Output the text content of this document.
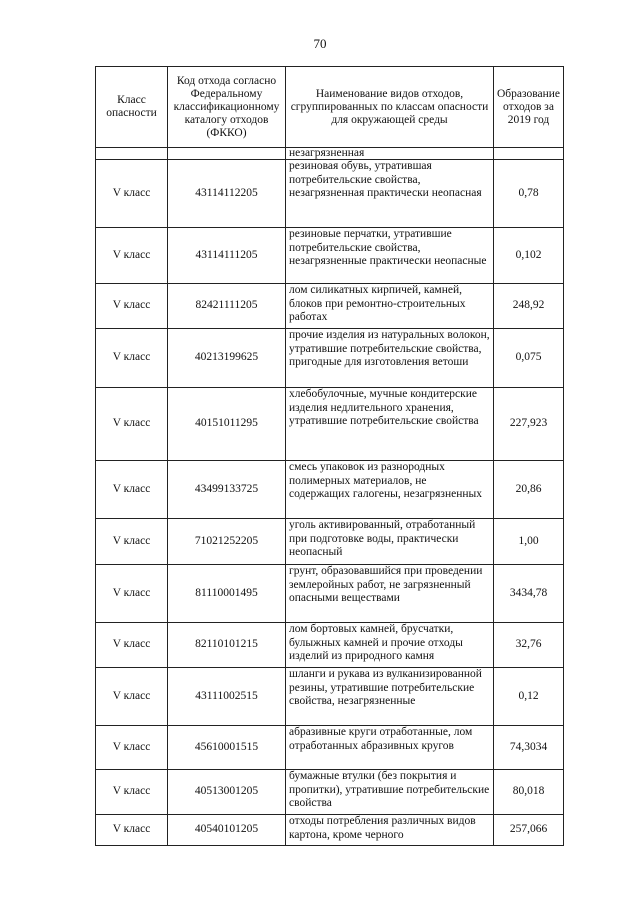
70
Класс опасности	Код отхода согласно Федеральному классификационному каталогу отходов (ФККО)	Наименование видов отходов, сгруппированных по классам опасности для окружающей среды	Образование отходов за 2019 год
		незагрязненная	
V класс	43114112205	резиновая обувь, утратившая потребительские свойства, незагрязненная практически неопасная	0,78
V класс	43114111205	резиновые перчатки, утратившие потребительские свойства, незагрязненные практически неопасные	0,102
V класс	82421111205	лом силикатных кирпичей, камней, блоков при ремонтно-строительных работах	248,92
V класс	40213199625	прочие изделия из натуральных волокон, утратившие потребительские свойства, пригодные для изготовления ветоши	0,075
V класс	40151011295	хлебобулочные, мучные кондитерские изделия недлительного хранения, утратившие потребительские свойства	227,923
V класс	43499133725	смесь упаковок из разнородных полимерных материалов, не содержащих галогены, незагрязненных	20,86
V класс	71021252205	уголь активированный, отработанный при подготовке воды, практически неопасный	1,00
V класс	81110001495	грунт, образовавшийся при проведении землеройных работ, не загрязненный опасными веществами	3434,78
V класс	82110101215	лом бортовых камней, брусчатки, булыжных камней и прочие отходы изделий из природного камня	32,76
V класс	43111002515	шланги и рукава из вулканизированной резины, утратившие потребительские свойства, незагрязненные	0,12
V класс	45610001515	абразивные круги отработанные, лом отработанных абразивных кругов	74,3034
V класс	40513001205	бумажные втулки (без покрытия и пропитки), утратившие потребительские свойства	80,018
V класс	40540101205	отходы потребления различных видов картона, кроме черного	257,066
